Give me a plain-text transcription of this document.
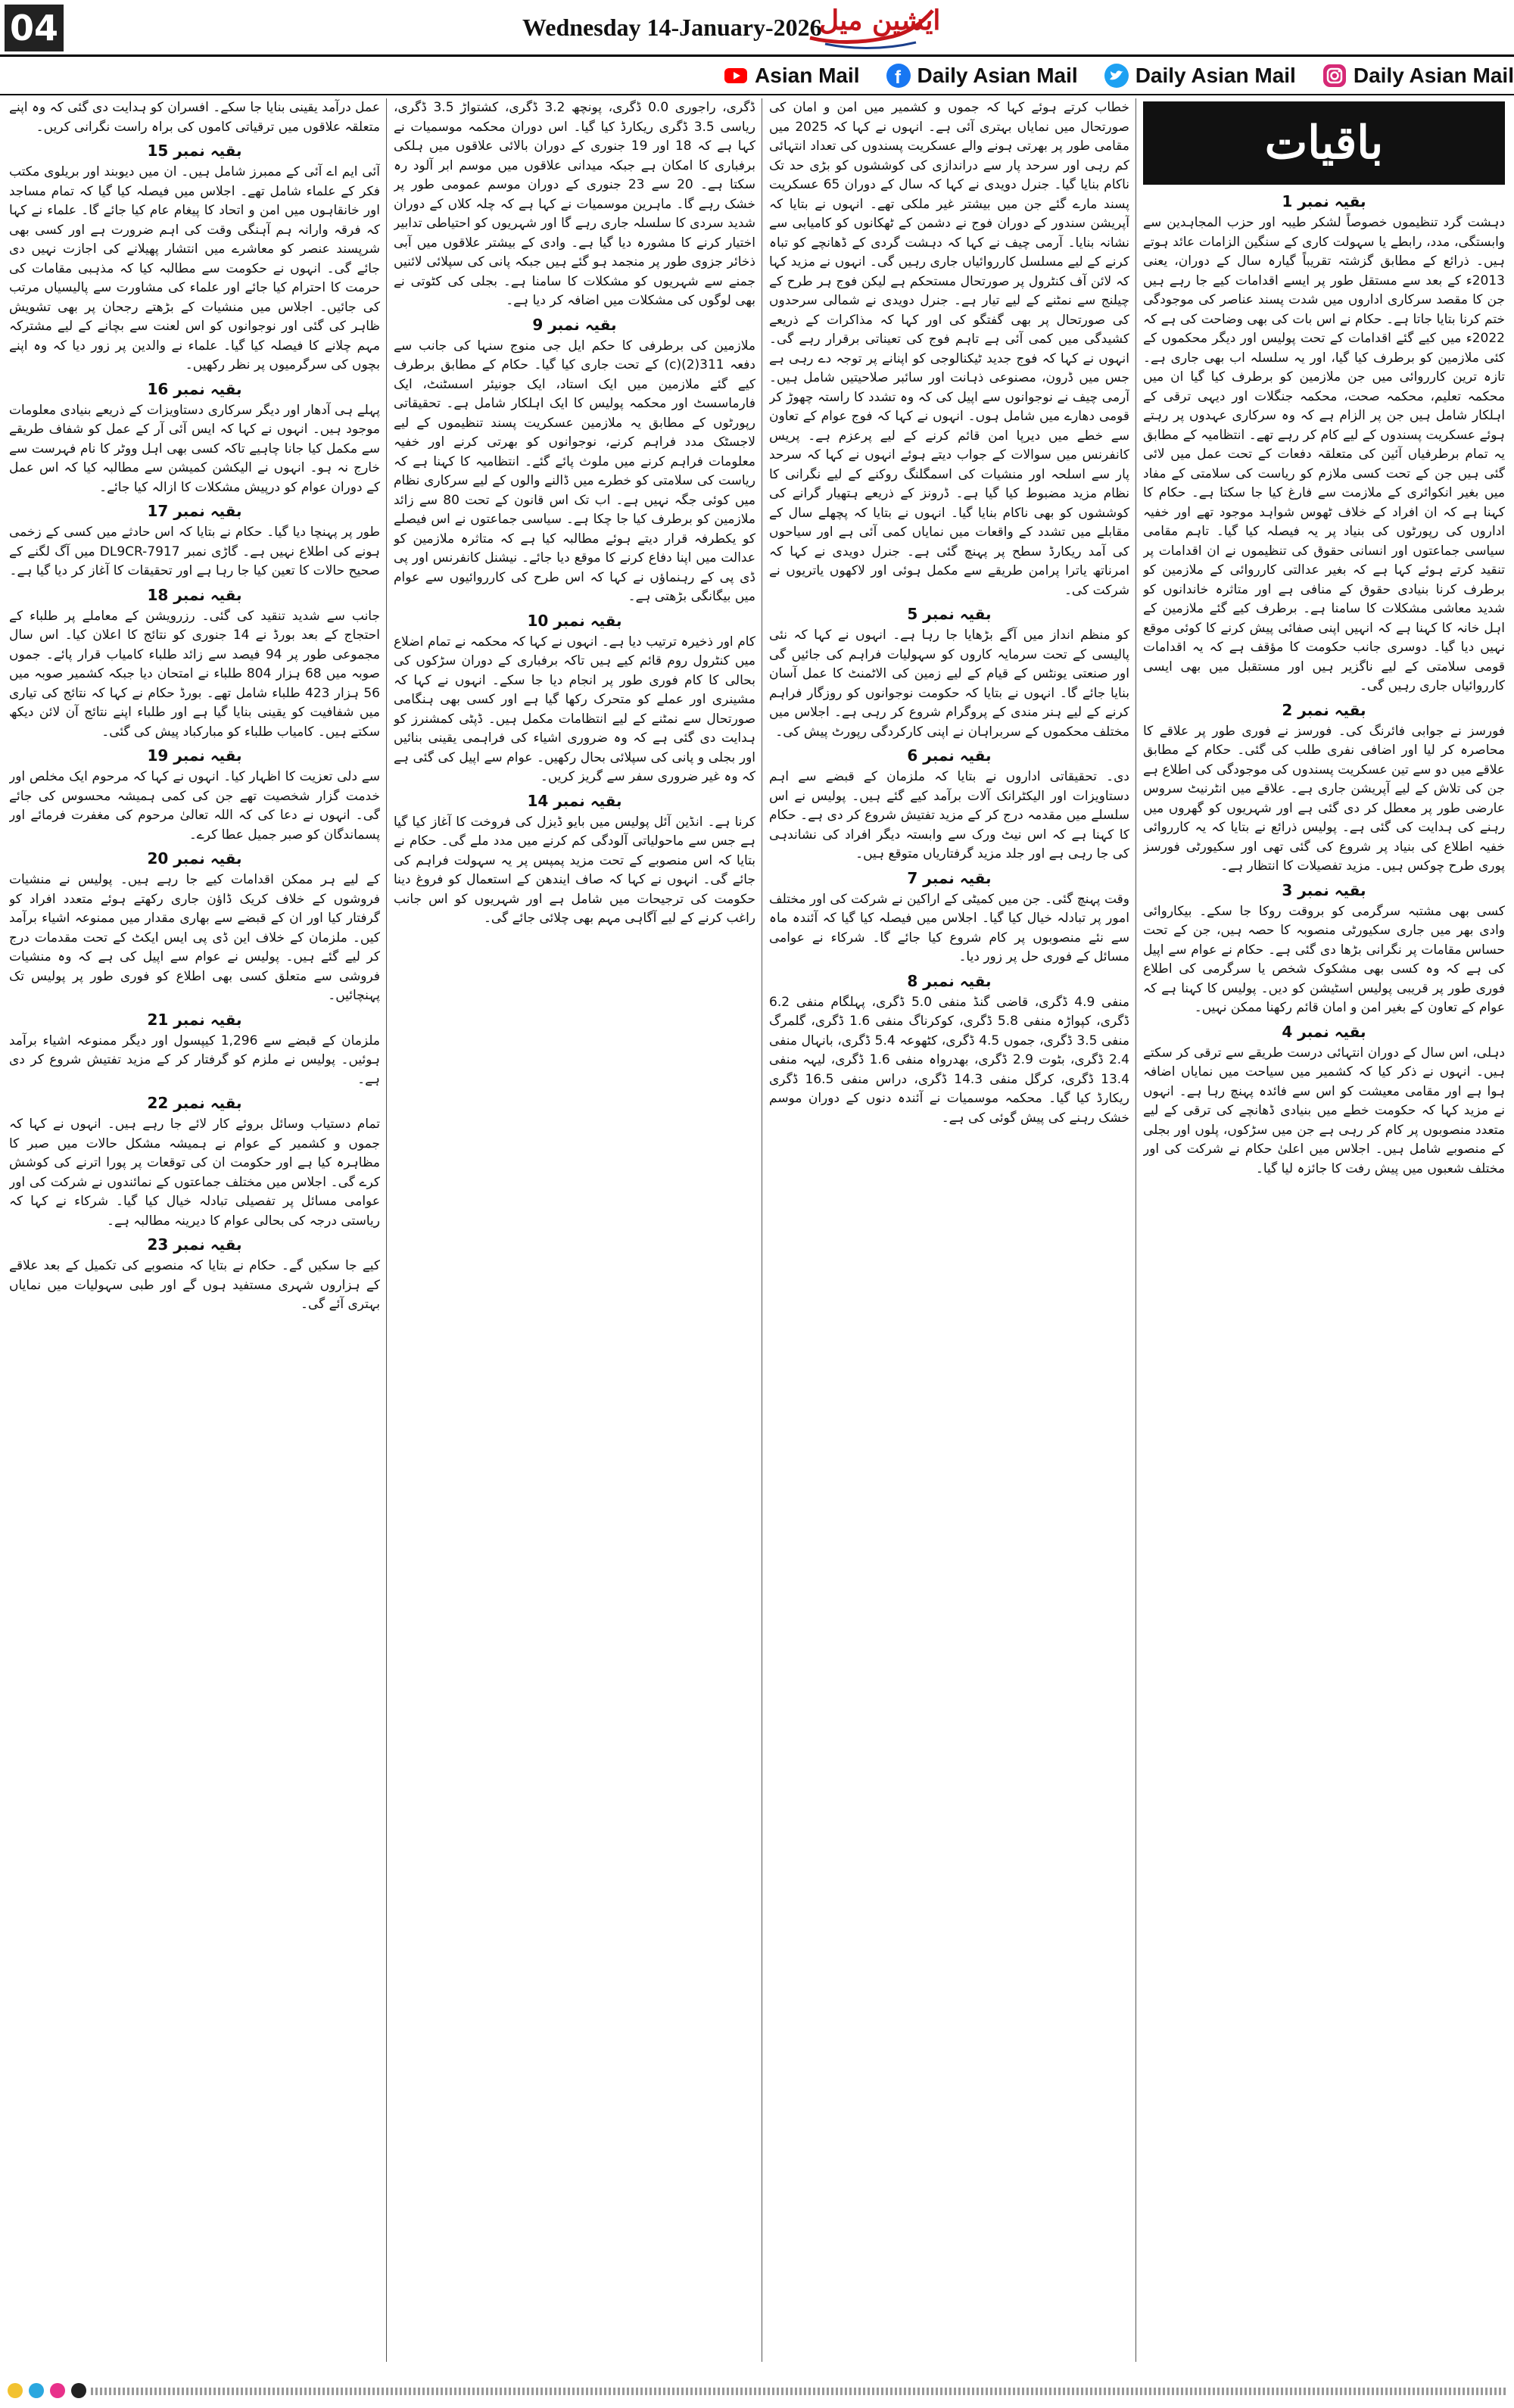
04	Wednesday 14-January-2026
ایشین میل
Asian Mail f Daily Asian Mail	Daily Asian Mail	Daily Asian Mail
باقیات
بقیہ نمبر 1

دہشت گرد تنظیموں خصوصاً لشکر طیبہ اور حزب المجاہدین سے وابستگی، مدد، رابطے یا سہولت کاری کے سنگین الزامات عائد ہوتے ہیں۔ ذرائع کے مطابق گزشتہ تقریباً گیارہ سال کے دوران، یعنی 2013ء کے بعد سے مستقل طور پر ایسے اقدامات کیے جا رہے ہیں جن کا مقصد سرکاری اداروں میں شدت پسند عناصر کی موجودگی ختم کرنا بتایا جاتا ہے۔ حکام نے اس بات کی بھی وضاحت کی ہے کہ 2022ء میں کیے گئے اقدامات کے تحت پولیس اور دیگر محکموں کے کئی ملازمین کو برطرف کیا گیا، اور یہ سلسلہ اب بھی جاری ہے۔ تازہ ترین کارروائی میں جن ملازمین کو برطرف کیا گیا ان میں محکمہ تعلیم، محکمہ صحت، محکمہ جنگلات اور دیہی ترقی کے اہلکار شامل ہیں جن پر الزام ہے کہ وہ سرکاری عہدوں پر رہتے ہوئے عسکریت پسندوں کے لیے کام کر رہے تھے۔ انتظامیہ کے مطابق یہ تمام برطرفیاں آئین کی متعلقہ دفعات کے تحت عمل میں لائی گئی ہیں جن کے تحت کسی ملازم کو ریاست کی سلامتی کے مفاد میں بغیر انکوائری کے ملازمت سے فارغ کیا جا سکتا ہے۔ حکام کا کہنا ہے کہ ان افراد کے خلاف ٹھوس شواہد موجود تھے اور خفیہ اداروں کی رپورٹوں کی بنیاد پر یہ فیصلہ کیا گیا۔ تاہم مقامی سیاسی جماعتوں اور انسانی حقوق کی تنظیموں نے ان اقدامات پر تنقید کرتے ہوئے کہا ہے کہ بغیر عدالتی کارروائی کے ملازمین کو برطرف کرنا بنیادی حقوق کے منافی ہے اور متاثرہ خاندانوں کو شدید معاشی مشکلات کا سامنا ہے۔ برطرف کیے گئے ملازمین کے اہل خانہ کا کہنا ہے کہ انہیں اپنی صفائی پیش کرنے کا کوئی موقع نہیں دیا گیا۔ دوسری جانب حکومت کا مؤقف ہے کہ یہ اقدامات قومی سلامتی کے لیے ناگزیر ہیں اور مستقبل میں بھی ایسی کارروائیاں جاری رہیں گی۔

بقیہ نمبر 2

فورسز نے جوابی فائرنگ کی۔ فورسز نے فوری طور پر علاقے کا محاصرہ کر لیا اور اضافی نفری طلب کی گئی۔ حکام کے مطابق علاقے میں دو سے تین عسکریت پسندوں کی موجودگی کی اطلاع ہے جن کی تلاش کے لیے آپریشن جاری ہے۔ علاقے میں انٹرنیٹ سروس عارضی طور پر معطل کر دی گئی ہے اور شہریوں کو گھروں میں رہنے کی ہدایت کی گئی ہے۔ پولیس ذرائع نے بتایا کہ یہ کارروائی خفیہ اطلاع کی بنیاد پر شروع کی گئی تھی اور سکیورٹی فورسز پوری طرح چوکس ہیں۔ مزید تفصیلات کا انتظار ہے۔

بقیہ نمبر 3

کسی بھی مشتبہ سرگرمی کو بروقت روکا جا سکے۔ بیکاروائی وادی بھر میں جاری سکیورٹی منصوبہ کا حصہ ہیں، جن کے تحت حساس مقامات پر نگرانی بڑھا دی گئی ہے۔ حکام نے عوام سے اپیل کی ہے کہ وہ کسی بھی مشکوک شخص یا سرگرمی کی اطلاع فوری طور پر قریبی پولیس اسٹیشن کو دیں۔ پولیس کا کہنا ہے کہ عوام کے تعاون کے بغیر امن و امان قائم رکھنا ممکن نہیں۔

بقیہ نمبر 4

دہلی، اس سال کے دوران انتہائی درست طریقے سے ترقی کر سکتے ہیں۔ انہوں نے ذکر کیا کہ کشمیر میں سیاحت میں نمایاں اضافہ ہوا ہے اور مقامی معیشت کو اس سے فائدہ پہنچ رہا ہے۔ انہوں نے مزید کہا کہ حکومت خطے میں بنیادی ڈھانچے کی ترقی کے لیے متعدد منصوبوں پر کام کر رہی ہے جن میں سڑکوں، پلوں اور بجلی کے منصوبے شامل ہیں۔ اجلاس میں اعلیٰ حکام نے شرکت کی اور مختلف شعبوں میں پیش رفت کا جائزہ لیا گیا۔

خطاب کرتے ہوئے کہا کہ جموں و کشمیر میں امن و امان کی صورتحال میں نمایاں بہتری آئی ہے۔ انہوں نے کہا کہ 2025 میں مقامی طور پر بھرتی ہونے والے عسکریت پسندوں کی تعداد انتہائی کم رہی اور سرحد پار سے دراندازی کی کوششوں کو بڑی حد تک ناکام بنایا گیا۔ جنرل دویدی نے کہا کہ سال کے دوران 65 عسکریت پسند مارے گئے جن میں بیشتر غیر ملکی تھے۔ انہوں نے بتایا کہ آپریشن سندور کے دوران فوج نے دشمن کے ٹھکانوں کو کامیابی سے نشانہ بنایا۔ آرمی چیف نے کہا کہ دہشت گردی کے ڈھانچے کو تباہ کرنے کے لیے مسلسل کارروائیاں جاری رہیں گی۔ انہوں نے مزید کہا کہ لائن آف کنٹرول پر صورتحال مستحکم ہے لیکن فوج ہر طرح کے چیلنج سے نمٹنے کے لیے تیار ہے۔ جنرل دویدی نے شمالی سرحدوں کی صورتحال پر بھی گفتگو کی اور کہا کہ مذاکرات کے ذریعے کشیدگی میں کمی آئی ہے تاہم فوج کی تعیناتی برقرار رہے گی۔ انہوں نے کہا کہ فوج جدید ٹیکنالوجی کو اپنانے پر توجہ دے رہی ہے جس میں ڈرون، مصنوعی ذہانت اور سائبر صلاحیتیں شامل ہیں۔ آرمی چیف نے نوجوانوں سے اپیل کی کہ وہ تشدد کا راستہ چھوڑ کر قومی دھارے میں شامل ہوں۔ انہوں نے کہا کہ فوج عوام کے تعاون سے خطے میں دیرپا امن قائم کرنے کے لیے پرعزم ہے۔ پریس کانفرنس میں سوالات کے جواب دیتے ہوئے انہوں نے کہا کہ سرحد پار سے اسلحہ اور منشیات کی اسمگلنگ روکنے کے لیے نگرانی کا نظام مزید مضبوط کیا گیا ہے۔ ڈرونز کے ذریعے ہتھیار گرانے کی کوششوں کو بھی ناکام بنایا گیا۔ انہوں نے بتایا کہ پچھلے سال کے مقابلے میں تشدد کے واقعات میں نمایاں کمی آئی ہے اور سیاحوں کی آمد ریکارڈ سطح پر پہنچ گئی ہے۔ جنرل دویدی نے کہا کہ امرناتھ یاترا پرامن طریقے سے مکمل ہوئی اور لاکھوں یاتریوں نے شرکت کی۔

بقیہ نمبر 5

کو منظم انداز میں آگے بڑھایا جا رہا ہے۔ انہوں نے کہا کہ نئی پالیسی کے تحت سرمایہ کاروں کو سہولیات فراہم کی جائیں گی اور صنعتی یونٹس کے قیام کے لیے زمین کی الاٹمنٹ کا عمل آسان بنایا جائے گا۔ انہوں نے بتایا کہ حکومت نوجوانوں کو روزگار فراہم کرنے کے لیے ہنر مندی کے پروگرام شروع کر رہی ہے۔ اجلاس میں مختلف محکموں کے سربراہان نے اپنی کارکردگی رپورٹ پیش کی۔

بقیہ نمبر 6

دی۔ تحقیقاتی اداروں نے بتایا کہ ملزمان کے قبضے سے اہم دستاویزات اور الیکٹرانک آلات برآمد کیے گئے ہیں۔ پولیس نے اس سلسلے میں مقدمہ درج کر کے مزید تفتیش شروع کر دی ہے۔ حکام کا کہنا ہے کہ اس نیٹ ورک سے وابستہ دیگر افراد کی نشاندہی کی جا رہی ہے اور جلد مزید گرفتاریاں متوقع ہیں۔

بقیہ نمبر 7

وقت پہنچ گئی۔ جن میں کمیٹی کے اراکین نے شرکت کی اور مختلف امور پر تبادلہ خیال کیا گیا۔ اجلاس میں فیصلہ کیا گیا کہ آئندہ ماہ سے نئے منصوبوں پر کام شروع کیا جائے گا۔ شرکاء نے عوامی مسائل کے فوری حل پر زور دیا۔

بقیہ نمبر 8

منفی 4.9 ڈگری، قاضی گنڈ منفی 5.0 ڈگری، پہلگام منفی 6.2 ڈگری، کپواڑہ منفی 5.8 ڈگری، کوکرناگ منفی 1.6 ڈگری، گلمرگ منفی 3.5 ڈگری، جموں 4.5 ڈگری، کٹھوعہ 5.4 ڈگری، بانہال منفی 2.4 ڈگری، بٹوت 2.9 ڈگری، بھدرواہ منفی 1.6 ڈگری، لیہہ منفی 13.4 ڈگری، کرگل منفی 14.3 ڈگری، دراس منفی 16.5 ڈگری ریکارڈ کیا گیا۔ محکمہ موسمیات نے آئندہ دنوں کے دوران موسم خشک رہنے کی پیش گوئی کی ہے۔

ڈگری، راجوری 0.0 ڈگری، پونچھ 3.2 ڈگری، کشتواڑ 3.5 ڈگری، ریاسی 3.5 ڈگری ریکارڈ کیا گیا۔ اس دوران محکمہ موسمیات نے کہا ہے کہ 18 اور 19 جنوری کے دوران بالائی علاقوں میں ہلکی برفباری کا امکان ہے جبکہ میدانی علاقوں میں موسم ابر آلود رہ سکتا ہے۔ 20 سے 23 جنوری کے دوران موسم عمومی طور پر خشک رہے گا۔ ماہرین موسمیات نے کہا ہے کہ چلہ کلاں کے دوران شدید سردی کا سلسلہ جاری رہے گا اور شہریوں کو احتیاطی تدابیر اختیار کرنے کا مشورہ دیا گیا ہے۔ وادی کے بیشتر علاقوں میں آبی ذخائر جزوی طور پر منجمد ہو گئے ہیں جبکہ پانی کی سپلائی لائنیں جمنے سے شہریوں کو مشکلات کا سامنا ہے۔ بجلی کی کٹوتی نے بھی لوگوں کی مشکلات میں اضافہ کر دیا ہے۔

بقیہ نمبر 9

ملازمین کی برطرفی کا حکم ایل جی منوج سنہا کی جانب سے دفعہ 311(2)(c) کے تحت جاری کیا گیا۔ حکام کے مطابق برطرف کیے گئے ملازمین میں ایک استاد، ایک جونیئر اسسٹنٹ، ایک فارماسسٹ اور محکمہ پولیس کا ایک اہلکار شامل ہے۔ تحقیقاتی رپورٹوں کے مطابق یہ ملازمین عسکریت پسند تنظیموں کے لیے لاجسٹک مدد فراہم کرنے، نوجوانوں کو بھرتی کرنے اور خفیہ معلومات فراہم کرنے میں ملوث پائے گئے۔ انتظامیہ کا کہنا ہے کہ ریاست کی سلامتی کو خطرے میں ڈالنے والوں کے لیے سرکاری نظام میں کوئی جگہ نہیں ہے۔ اب تک اس قانون کے تحت 80 سے زائد ملازمین کو برطرف کیا جا چکا ہے۔ سیاسی جماعتوں نے اس فیصلے کو یکطرفہ قرار دیتے ہوئے مطالبہ کیا ہے کہ متاثرہ ملازمین کو عدالت میں اپنا دفاع کرنے کا موقع دیا جائے۔ نیشنل کانفرنس اور پی ڈی پی کے رہنماؤں نے کہا کہ اس طرح کی کارروائیوں سے عوام میں بیگانگی بڑھتی ہے۔

بقیہ نمبر 10

کام اور ذخیرہ ترتیب دیا ہے۔ انہوں نے کہا کہ محکمہ نے تمام اضلاع میں کنٹرول روم قائم کیے ہیں تاکہ برفباری کے دوران سڑکوں کی بحالی کا کام فوری طور پر انجام دیا جا سکے۔ انہوں نے کہا کہ مشینری اور عملے کو متحرک رکھا گیا ہے اور کسی بھی ہنگامی صورتحال سے نمٹنے کے لیے انتظامات مکمل ہیں۔ ڈپٹی کمشنرز کو ہدایت دی گئی ہے کہ وہ ضروری اشیاء کی فراہمی یقینی بنائیں اور بجلی و پانی کی سپلائی بحال رکھیں۔ عوام سے اپیل کی گئی ہے کہ وہ غیر ضروری سفر سے گریز کریں۔

بقیہ نمبر 14

کرنا ہے۔ انڈین آئل پولیس میں بایو ڈیزل کی فروخت کا آغاز کیا گیا ہے جس سے ماحولیاتی آلودگی کم کرنے میں مدد ملے گی۔ حکام نے بتایا کہ اس منصوبے کے تحت مزید پمپس پر یہ سہولت فراہم کی جائے گی۔ انہوں نے کہا کہ صاف ایندھن کے استعمال کو فروغ دینا حکومت کی ترجیحات میں شامل ہے اور شہریوں کو اس جانب راغب کرنے کے لیے آگاہی مہم بھی چلائی جائے گی۔

عمل درآمد یقینی بنایا جا سکے۔ افسران کو ہدایت دی گئی کہ وہ اپنے متعلقہ علاقوں میں ترقیاتی کاموں کی براہ راست نگرانی کریں۔

بقیہ نمبر 15

آئی ایم اے آئی کے ممبرز شامل ہیں۔ ان میں دیوبند اور بریلوی مکتب فکر کے علماء شامل تھے۔ اجلاس میں فیصلہ کیا گیا کہ تمام مساجد اور خانقاہوں میں امن و اتحاد کا پیغام عام کیا جائے گا۔ علماء نے کہا کہ فرقہ وارانہ ہم آہنگی وقت کی اہم ضرورت ہے اور کسی بھی شرپسند عنصر کو معاشرے میں انتشار پھیلانے کی اجازت نہیں دی جائے گی۔ انہوں نے حکومت سے مطالبہ کیا کہ مذہبی مقامات کی حرمت کا احترام کیا جائے اور علماء کی مشاورت سے پالیسیاں مرتب کی جائیں۔ اجلاس میں منشیات کے بڑھتے رجحان پر بھی تشویش ظاہر کی گئی اور نوجوانوں کو اس لعنت سے بچانے کے لیے مشترکہ مہم چلانے کا فیصلہ کیا گیا۔ علماء نے والدین پر زور دیا کہ وہ اپنے بچوں کی سرگرمیوں پر نظر رکھیں۔

بقیہ نمبر 16

پہلے ہی آدھار اور دیگر سرکاری دستاویزات کے ذریعے بنیادی معلومات موجود ہیں۔ انہوں نے کہا کہ ایس آئی آر کے عمل کو شفاف طریقے سے مکمل کیا جانا چاہیے تاکہ کسی بھی اہل ووٹر کا نام فہرست سے خارج نہ ہو۔ انہوں نے الیکشن کمیشن سے مطالبہ کیا کہ اس عمل کے دوران عوام کو درپیش مشکلات کا ازالہ کیا جائے۔

بقیہ نمبر 17

طور پر پہنچا دیا گیا۔ حکام نے بتایا کہ اس حادثے میں کسی کے زخمی ہونے کی اطلاع نہیں ہے۔ گاڑی نمبر DL9CR-7917 میں آگ لگنے کے صحیح حالات کا تعین کیا جا رہا ہے اور تحقیقات کا آغاز کر دیا گیا ہے۔

بقیہ نمبر 18

جانب سے شدید تنقید کی گئی۔ رزرویشن کے معاملے پر طلباء کے احتجاج کے بعد بورڈ نے 14 جنوری کو نتائج کا اعلان کیا۔ اس سال مجموعی طور پر 94 فیصد سے زائد طلباء کامیاب قرار پائے۔ جموں صوبہ میں 68 ہزار 804 طلباء نے امتحان دیا جبکہ کشمیر صوبہ میں 56 ہزار 423 طلباء شامل تھے۔ بورڈ حکام نے کہا کہ نتائج کی تیاری میں شفافیت کو یقینی بنایا گیا ہے اور طلباء اپنے نتائج آن لائن دیکھ سکتے ہیں۔ کامیاب طلباء کو مبارکباد پیش کی گئی۔

بقیہ نمبر 19

سے دلی تعزیت کا اظہار کیا۔ انہوں نے کہا کہ مرحوم ایک مخلص اور خدمت گزار شخصیت تھے جن کی کمی ہمیشہ محسوس کی جائے گی۔ انہوں نے دعا کی کہ اللہ تعالیٰ مرحوم کی مغفرت فرمائے اور پسماندگان کو صبر جمیل عطا کرے۔

بقیہ نمبر 20

کے لیے ہر ممکن اقدامات کیے جا رہے ہیں۔ پولیس نے منشیات فروشوں کے خلاف کریک ڈاؤن جاری رکھتے ہوئے متعدد افراد کو گرفتار کیا اور ان کے قبضے سے بھاری مقدار میں ممنوعہ اشیاء برآمد کیں۔ ملزمان کے خلاف این ڈی پی ایس ایکٹ کے تحت مقدمات درج کر لیے گئے ہیں۔ پولیس نے عوام سے اپیل کی ہے کہ وہ منشیات فروشی سے متعلق کسی بھی اطلاع کو فوری طور پر پولیس تک پہنچائیں۔

بقیہ نمبر 21

ملزمان کے قبضے سے 1,296 کیپسول اور دیگر ممنوعہ اشیاء برآمد ہوئیں۔ پولیس نے ملزم کو گرفتار کر کے مزید تفتیش شروع کر دی ہے۔

بقیہ نمبر 22

تمام دستیاب وسائل بروئے کار لائے جا رہے ہیں۔ انہوں نے کہا کہ جموں و کشمیر کے عوام نے ہمیشہ مشکل حالات میں صبر کا مظاہرہ کیا ہے اور حکومت ان کی توقعات پر پورا اترنے کی کوشش کرے گی۔ اجلاس میں مختلف جماعتوں کے نمائندوں نے شرکت کی اور عوامی مسائل پر تفصیلی تبادلہ خیال کیا گیا۔ شرکاء نے کہا کہ ریاستی درجہ کی بحالی عوام کا دیرینہ مطالبہ ہے۔

بقیہ نمبر 23

کیے جا سکیں گے۔ حکام نے بتایا کہ منصوبے کی تکمیل کے بعد علاقے کے ہزاروں شہری مستفید ہوں گے اور طبی سہولیات میں نمایاں بہتری آئے گی۔
